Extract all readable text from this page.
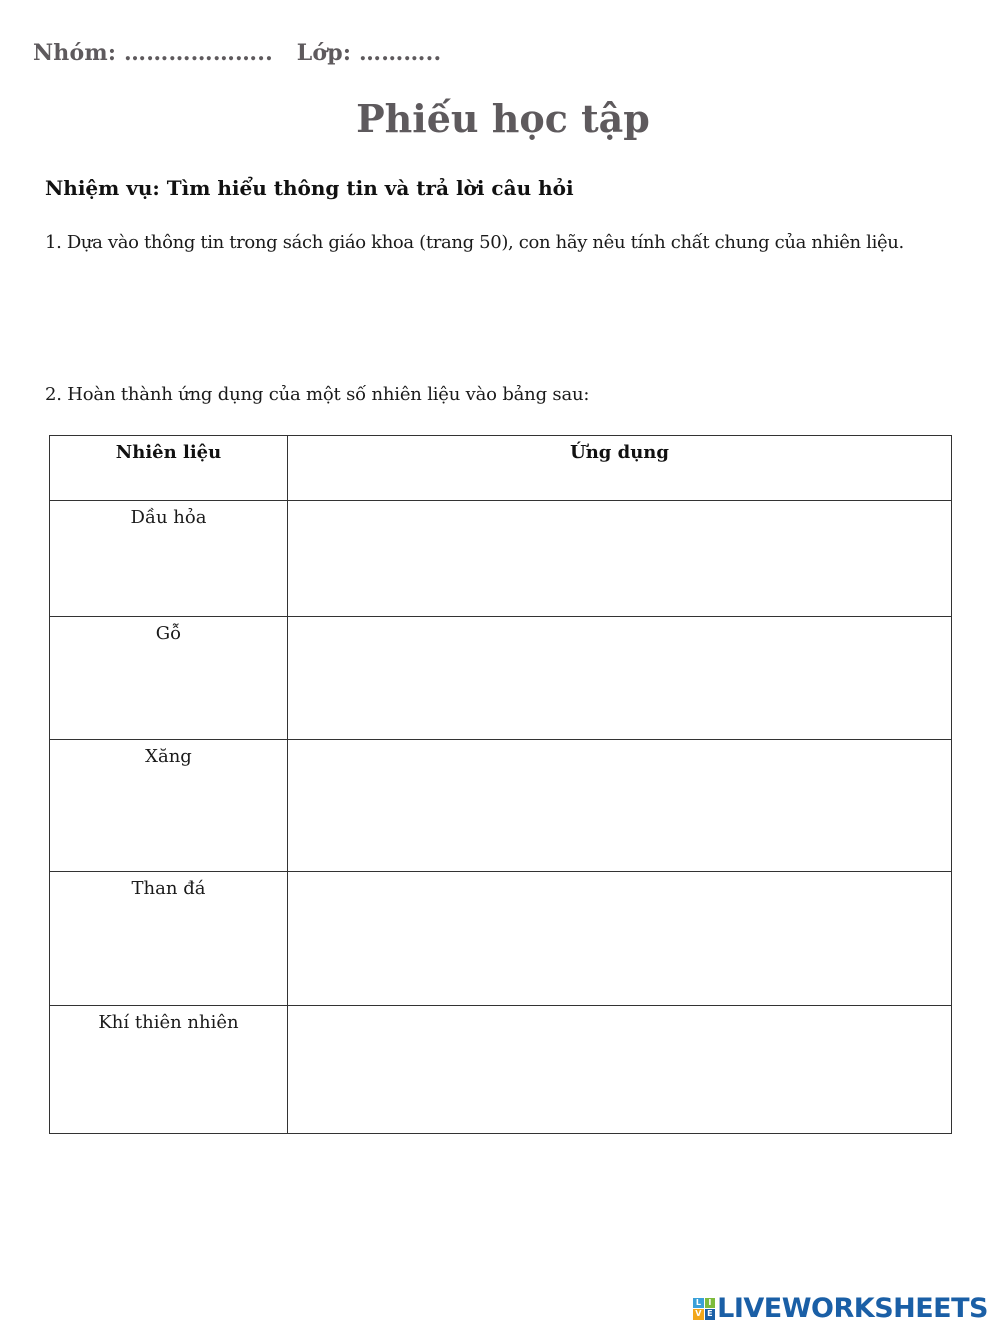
Nhóm: ……………….. Lớp: ………..
Phiếu học tập
Nhiệm vụ: Tìm hiểu thông tin và trả lời câu hỏi
1. Dựa vào thông tin trong sách giáo khoa (trang 50), con hãy nêu tính chất chung của nhiên liệu.
2. Hoàn thành ứng dụng của một số nhiên liệu vào bảng sau:
Nhiên liệu	Ứng dụng
Dầu hỏa	
Gỗ	
Xăng	
Than đá	
Khí thiên nhiên	
L I
V E LIVEWORKSHEETS
